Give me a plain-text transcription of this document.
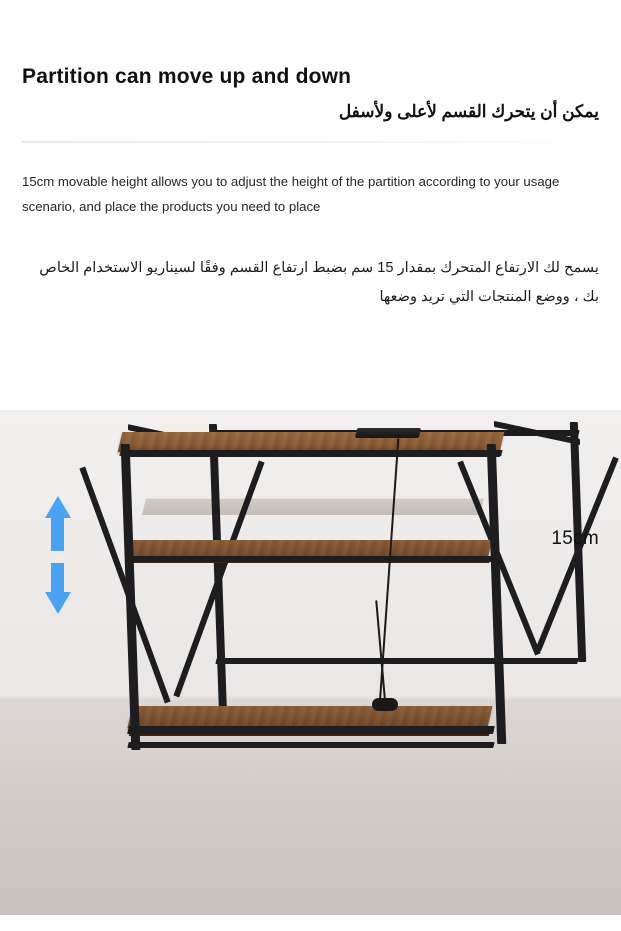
Partition can move up and down
يمكن أن يتحرك القسم لأعلى ولأسفل

15cm movable height allows you to adjust the height of the partition according to your usage scenario, and place the products you need to place

يسمح لك الارتفاع المتحرك بمقدار 15 سم بضبط ارتفاع القسم وفقًا لسيناريو الاستخدام الخاص بك ، ووضع المنتجات التي تريد وضعها

15cm
